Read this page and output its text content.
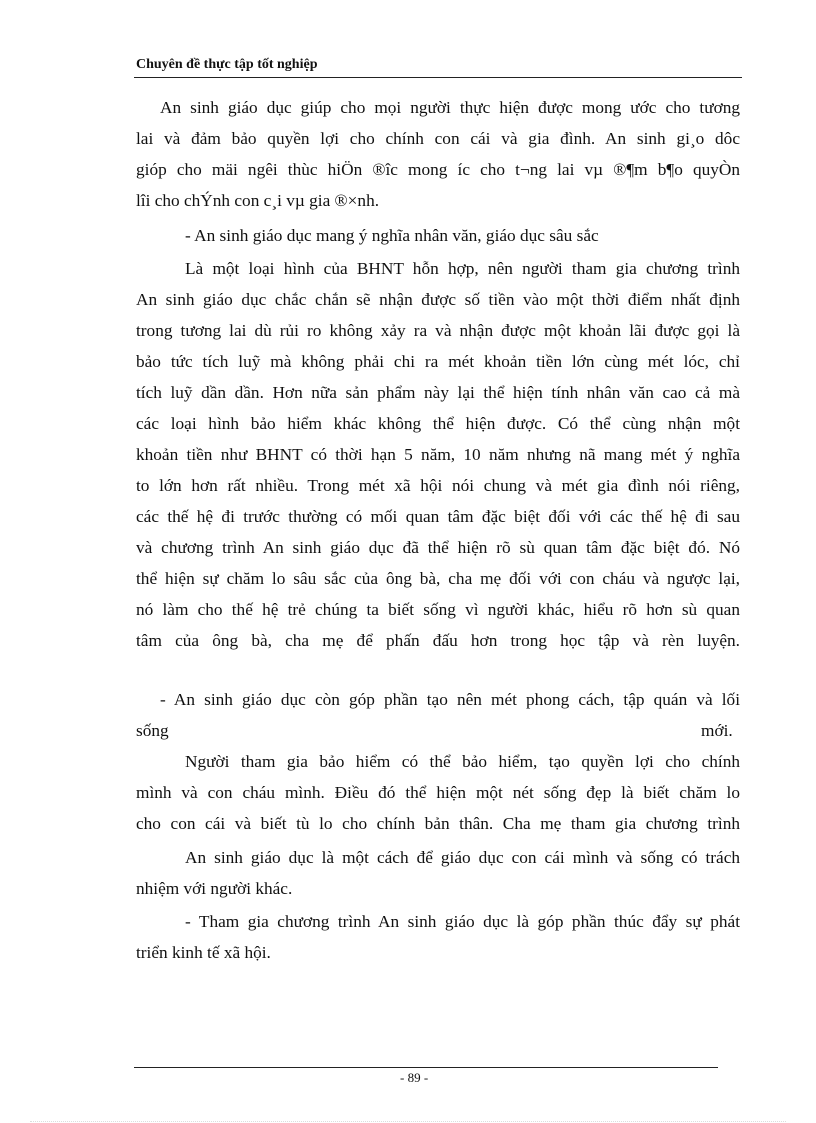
Chuyên đề thực tập tốt nghiệp
An sinh giáo dục giúp cho mọi người thực hiện được mong ước cho tương
lai và đảm bảo quyền lợi cho chính con cái và gia đình. An sinh gi¸o dôc
gióp cho mäi ngêi thùc hiÖn ®îc mong íc cho t¬ng lai vµ ®¶m b¶o quyÒn
lîi cho chÝnh con c¸i vµ gia ®×nh.
- An sinh giáo dục mang ý nghĩa nhân văn, giáo dục sâu sắc
Là một loại hình của BHNT hỗn hợp, nên người tham gia chương trình
An sinh giáo dục chắc chắn sẽ nhận được số tiền vào một thời điểm nhất định
trong tương lai dù rủi ro không xảy ra và nhận được một khoản lãi được gọi là
bảo tức tích luỹ mà không phải chi ra mét khoản tiền lớn cùng mét lóc, chỉ
tích luỹ dần dần. Hơn nữa sản phẩm này lại thể hiện tính nhân văn cao cả mà
các loại hình bảo hiểm khác không thể hiện được. Có thể cùng nhận một
khoản tiền như BHNT có thời hạn 5 năm, 10 năm nhưng nã mang mét ý nghĩa
to lớn hơn rất nhiều. Trong mét xã hội nói chung và mét gia đình nói riêng,
các thế hệ đi trước thường có mối quan tâm đặc biệt đối với các thế hệ đi sau
và chương trình An sinh giáo dục đã thể hiện rõ sù quan tâm đặc biệt đó. Nó
thể hiện sự chăm lo sâu sắc của ông bà, cha mẹ đối với con cháu và ngược lại,
nó làm cho thế hệ trẻ chúng ta biết sống vì người khác, hiểu rõ hơn sù quan
tâm của ông bà, cha mẹ để phấn đấu hơn trong học tập và rèn luyện.
- An sinh giáo dục còn góp phần tạo nên mét phong cách, tập quán và lối
sống	mới.
Người tham gia bảo hiểm có thể bảo hiểm, tạo quyền lợi cho chính
mình và con cháu mình. Điều đó thể hiện một nét sống đẹp là biết chăm lo
cho con cái và biết tù lo cho chính bản thân. Cha mẹ tham gia chương trình
An sinh giáo dục là một cách để giáo dục con cái mình và sống có trách
nhiệm với người khác.
- Tham gia chương trình An sinh giáo dục là góp phần thúc đẩy sự phát
triển kinh tế xã hội.
- 89 -
